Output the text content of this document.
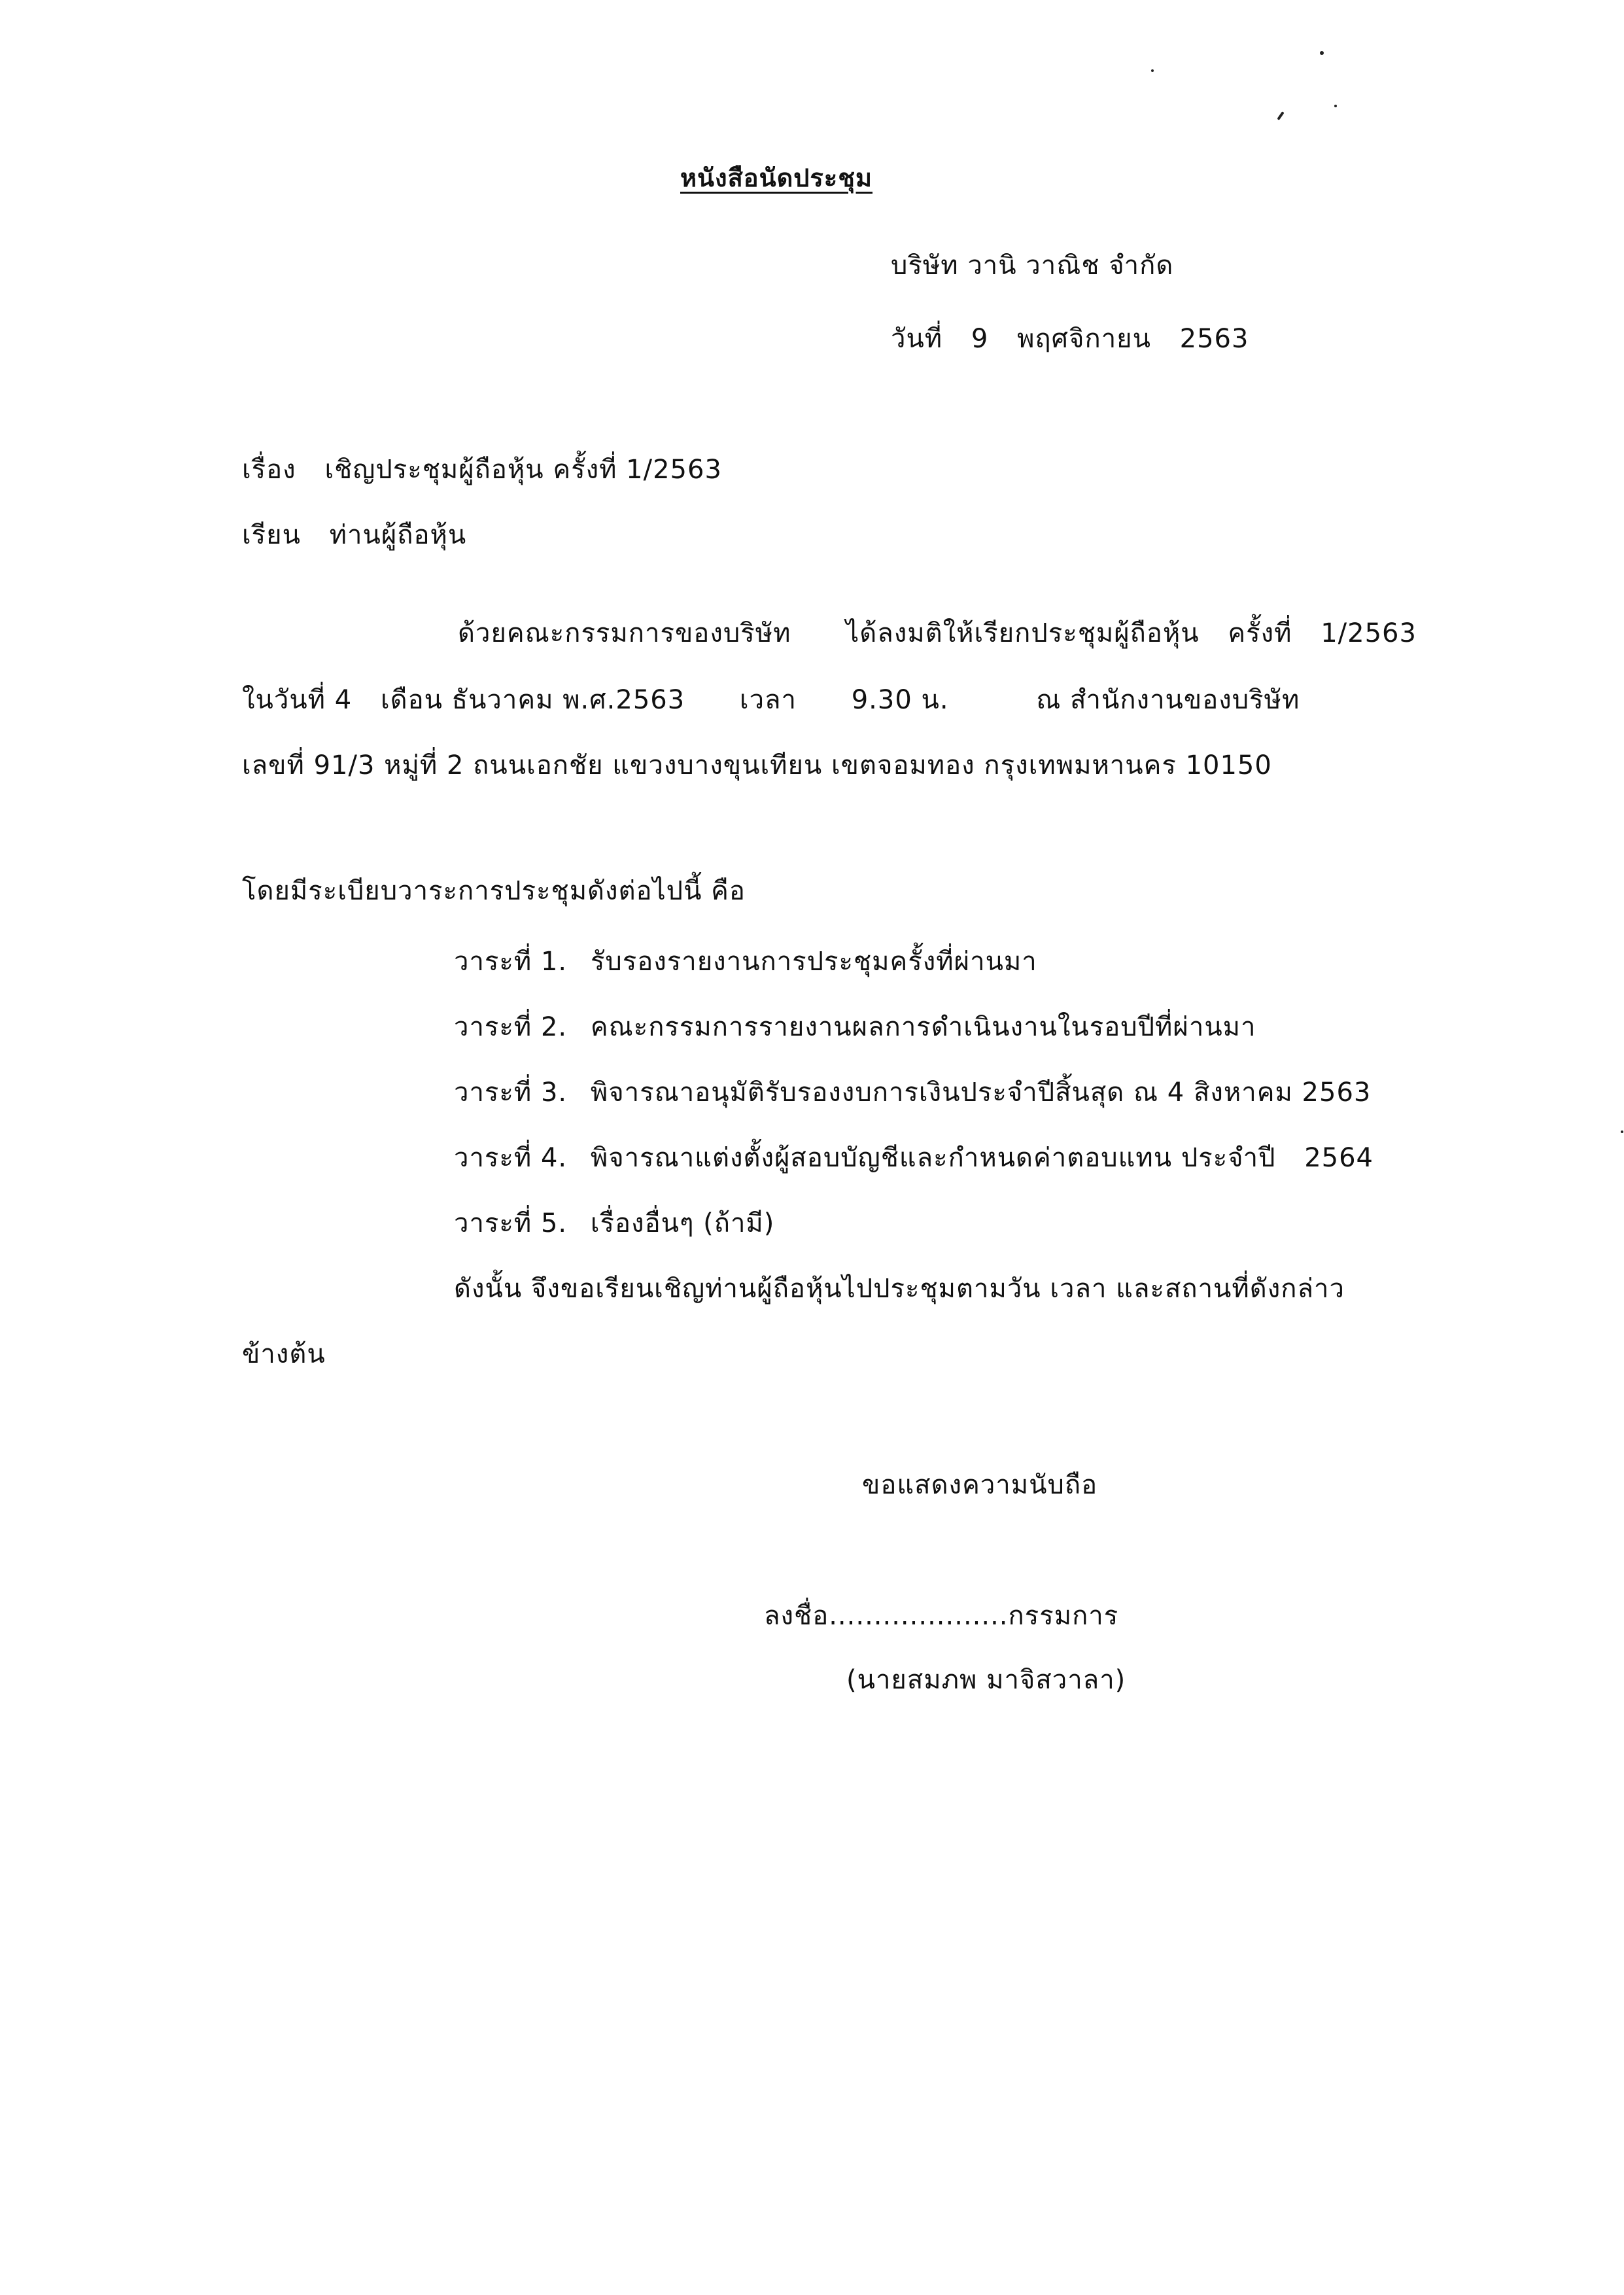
หนังสือนัดประชุม
บริษัท วานิ วาณิช จำกัด
วันที่ 9 พฤศจิกายน 2563
เรื่อง เชิญประชุมผู้ถือหุ้น ครั้งที่ 1/2563
เรียน ท่านผู้ถือหุ้น
ด้วยคณะกรรมการของบริษัท ได้ลงมติให้เรียกประชุมผู้ถือหุ้น ครั้งที่ 1/2563
ในวันที่ 4 เดือน ธันวาคม พ.ศ.2563 เวลา 9.30 น.	ณ สำนักงานของบริษัท
เลขที่ 91/3 หมู่ที่ 2 ถนนเอกชัย แขวงบางขุนเทียน เขตจอมทอง กรุงเทพมหานคร 10150
โดยมีระเบียบวาระการประชุมดังต่อไปนี้ คือ
วาระที่ 1. รับรองรายงานการประชุมครั้งที่ผ่านมา
วาระที่ 2. คณะกรรมการรายงานผลการดำเนินงานในรอบปีที่ผ่านมา
วาระที่ 3. พิจารณาอนุมัติรับรองงบการเงินประจำปีสิ้นสุด ณ 4 สิงหาคม 2563
วาระที่ 4. พิจารณาแต่งตั้งผู้สอบบัญชีและกำหนดค่าตอบแทน ประจำปี 2564
วาระที่ 5. เรื่องอื่นๆ (ถ้ามี)
ดังนั้น จึงขอเรียนเชิญท่านผู้ถือหุ้นไปประชุมตามวัน เวลา และสถานที่ดังกล่าว
ข้างต้น
ขอแสดงความนับถือ
ลงชื่อ....................กรรมการ
(นายสมภพ มาจิสวาลา)
